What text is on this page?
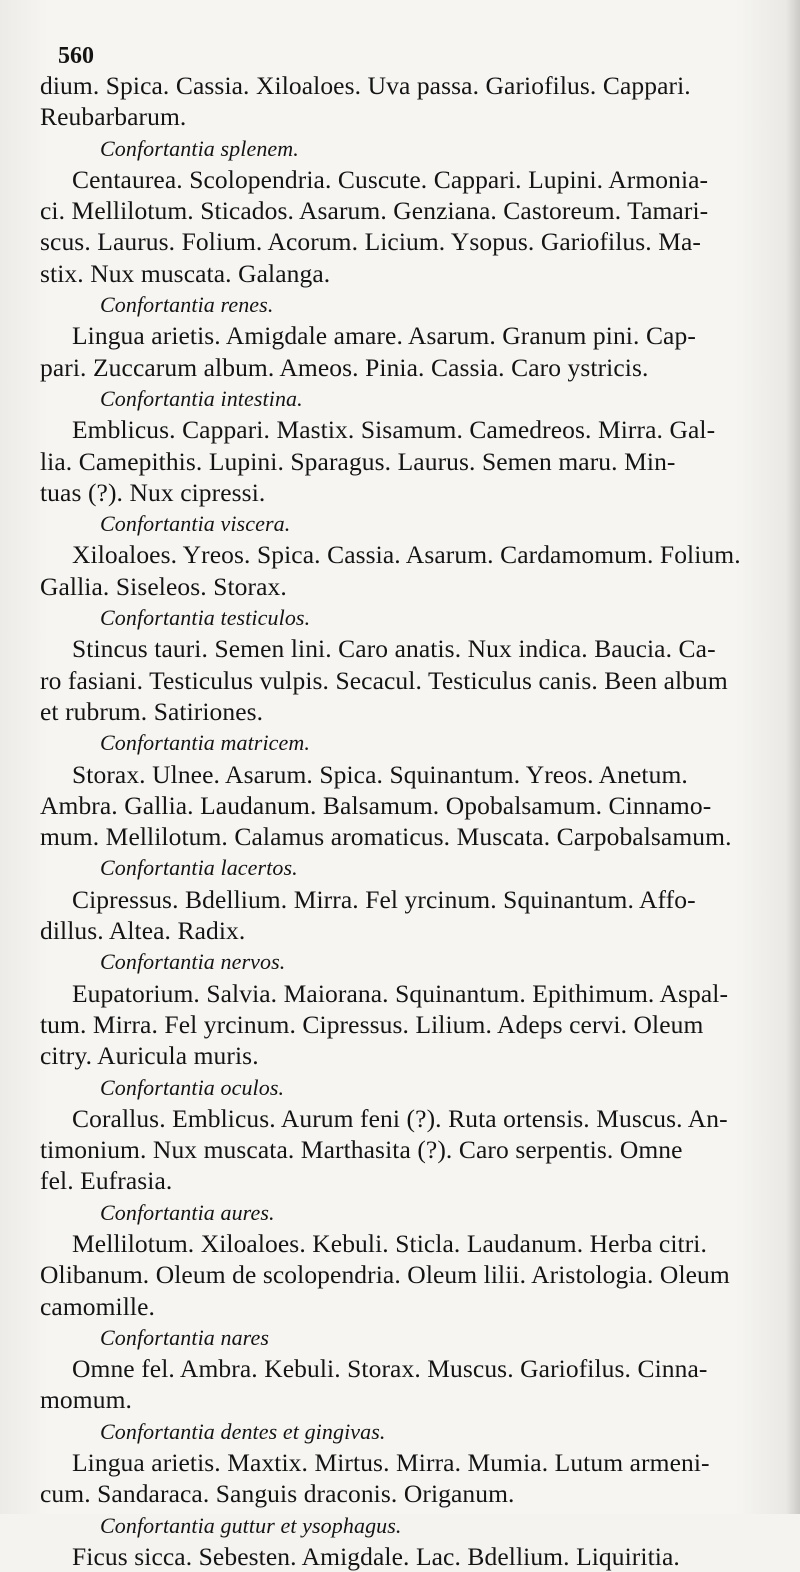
560
dium. Spica. Cassia. Xiloaloes. Uva passa. Gariofilus. Cappari.
Reubarbarum.
Confortantia splenem.
Centaurea. Scolopendria. Cuscute. Cappari. Lupini. Armonia-
ci. Mellilotum. Sticados. Asarum. Genziana. Castoreum. Tamari-
scus. Laurus. Folium. Acorum. Licium. Ysopus. Gariofilus. Ma-
stix. Nux muscata. Galanga.
Confortantia renes.
Lingua arietis. Amigdale amare. Asarum. Granum pini. Cap-
pari. Zuccarum album. Ameos. Pinia. Cassia. Caro ystricis.
Confortantia intestina.
Emblicus. Cappari. Mastix. Sisamum. Camedreos. Mirra. Gal-
lia. Camepithis. Lupini. Sparagus. Laurus. Semen maru. Min-
tuas (?). Nux cipressi.
Confortantia viscera.
Xiloaloes. Yreos. Spica. Cassia. Asarum. Cardamomum. Folium.
Gallia. Siseleos. Storax.
Confortantia testiculos.
Stincus tauri. Semen lini. Caro anatis. Nux indica. Baucia. Ca-
ro fasiani. Testiculus vulpis. Secacul. Testiculus canis. Been album
et rubrum. Satiriones.
Confortantia matricem.
Storax. Ulnee. Asarum. Spica. Squinantum. Yreos. Anetum.
Ambra. Gallia. Laudanum. Balsamum. Opobalsamum. Cinnamo-
mum. Mellilotum. Calamus aromaticus. Muscata. Carpobalsamum.
Confortantia lacertos.
Cipressus. Bdellium. Mirra. Fel yrcinum. Squinantum. Affo-
dillus. Altea. Radix.
Confortantia nervos.
Eupatorium. Salvia. Maiorana. Squinantum. Epithimum. Aspal-
tum. Mirra. Fel yrcinum. Cipressus. Lilium. Adeps cervi. Oleum
citry. Auricula muris.
Confortantia oculos.
Corallus. Emblicus. Aurum feni (?). Ruta ortensis. Muscus. An-
timonium. Nux muscata. Marthasita (?). Caro serpentis. Omne
fel. Eufrasia.
Confortantia aures.
Mellilotum. Xiloaloes. Kebuli. Sticla. Laudanum. Herba citri.
Olibanum. Oleum de scolopendria. Oleum lilii. Aristologia. Oleum
camomille.
Confortantia nares
Omne fel. Ambra. Kebuli. Storax. Muscus. Gariofilus. Cinna-
momum.
Confortantia dentes et gingivas.
Lingua arietis. Maxtix. Mirtus. Mirra. Mumia. Lutum armeni-
cum. Sandaraca. Sanguis draconis. Origanum.
Confortantia guttur et ysophagus.
Ficus sicca. Sebesten. Amigdale. Lac. Bdellium. Liquiritia.
